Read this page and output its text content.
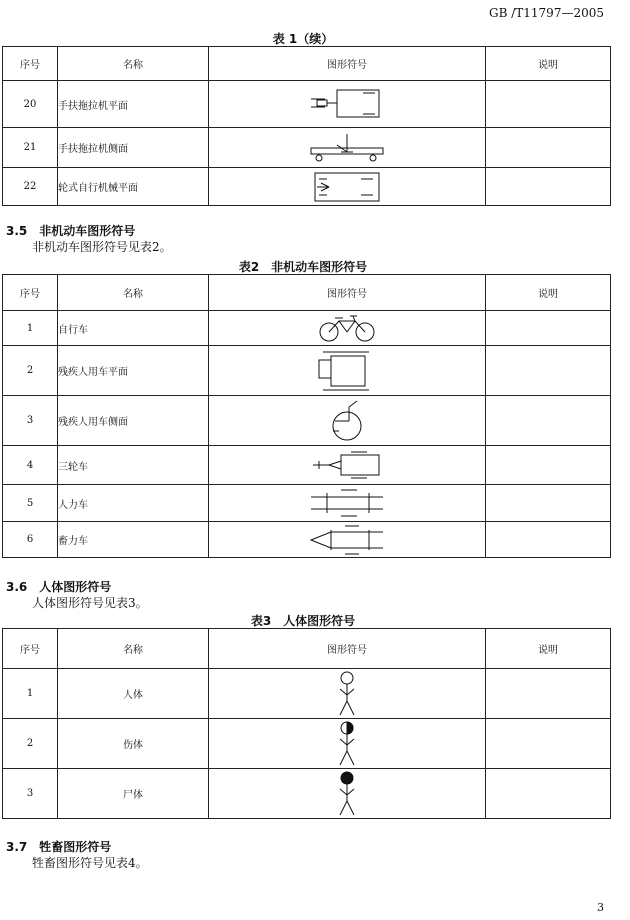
GB /T11797—2005
表 1（续）
序号	名称	图形符号	说明
20	手扶拖拉机平面	

21	手扶拖拉机侧面	

22	轮式自行机械平面	

3.5　非机动车图形符号
非机动车图形符号见表2。
表2　非机动车图形符号
序号	名称	图形符号	说明
1	自行车	

2	残疾人用车平面	

3	残疾人用车侧面	

4	三轮车	

5	人力车	

6	畜力车	

3.6　人体图形符号
人体图形符号见表3。
表3　人体图形符号
序号	名称	图形符号	说明
1	人体	

2	伤体	

3	尸体	

3.7　牲畜图形符号
牲畜图形符号见表4。
3
